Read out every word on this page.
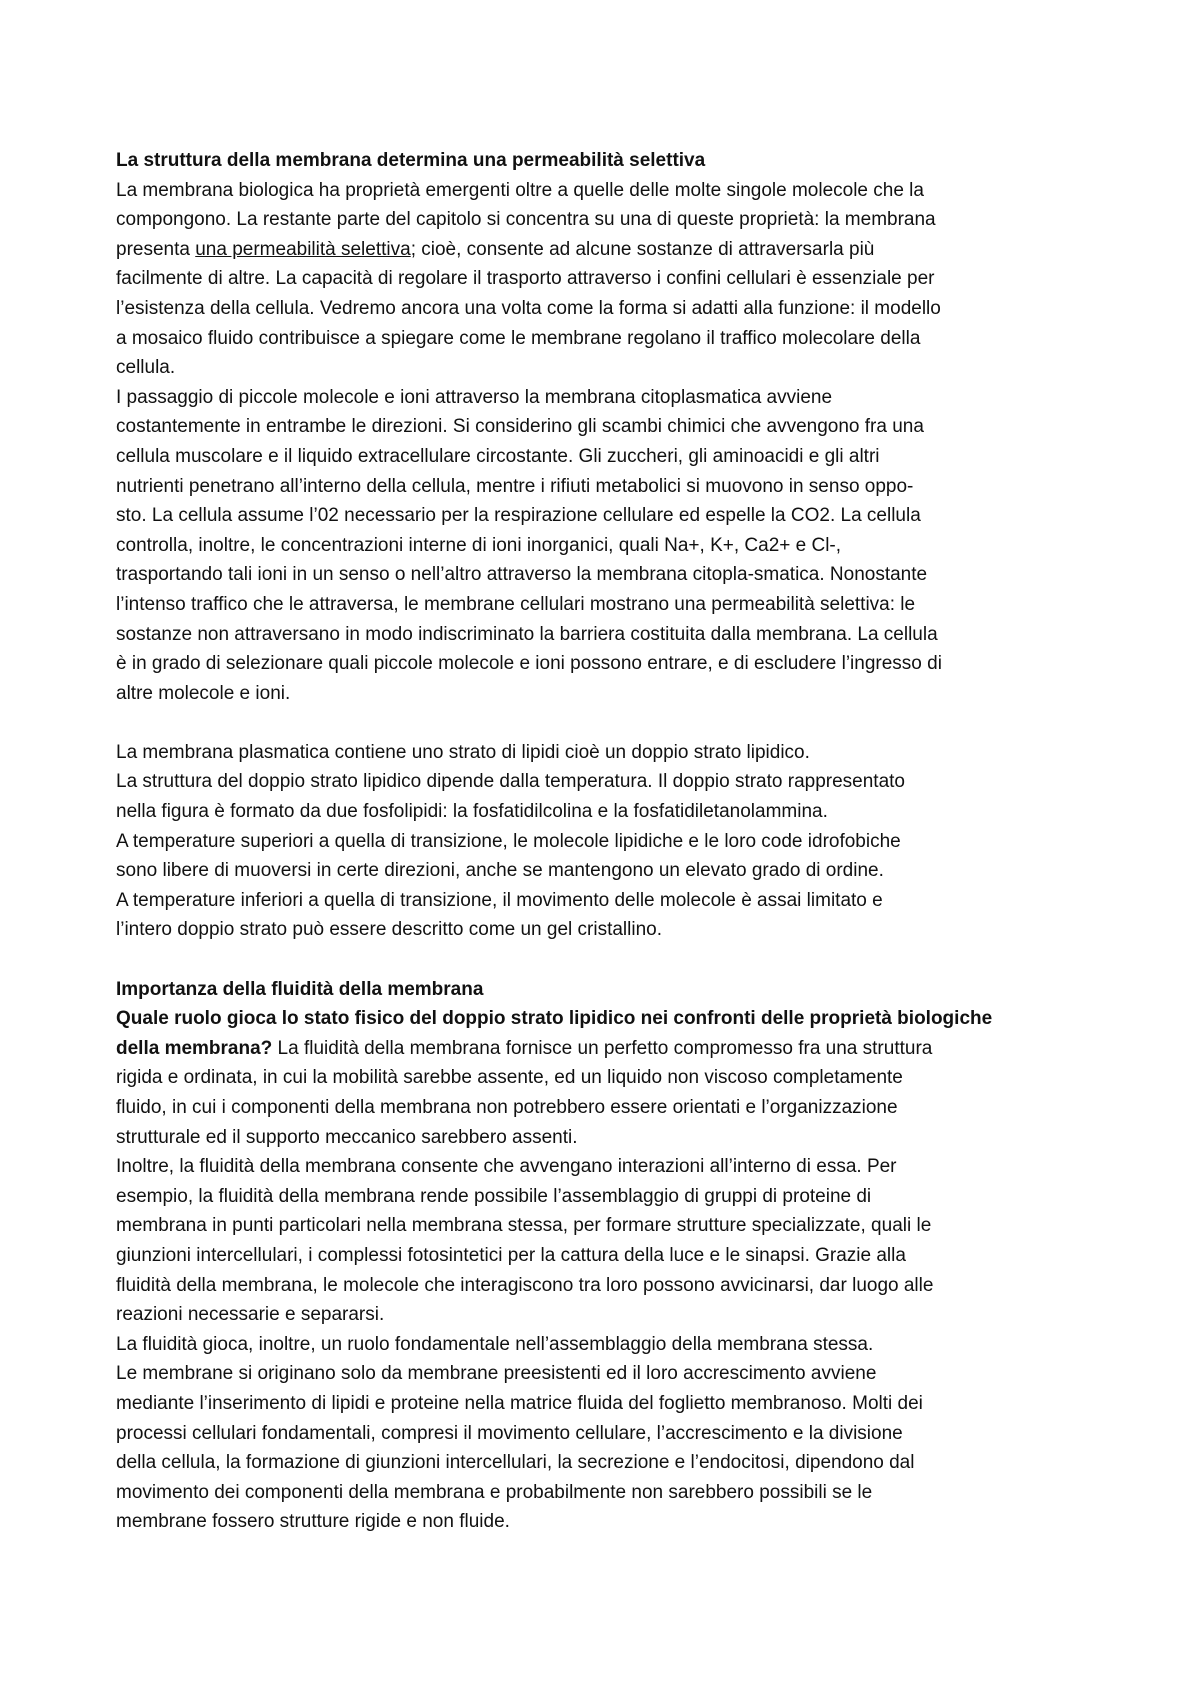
La struttura della membrana determina una permeabilità selettiva
La membrana biologica ha proprietà emergenti oltre a quelle delle molte singole molecole che la
compongono. La restante parte del capitolo si concentra su una di queste proprietà: la membrana
presenta una permeabilità selettiva; cioè, consente ad alcune sostanze di attraversarla più
facilmente di altre. La capacità di regolare il trasporto attraverso i confini cellulari è essenziale per
l’esistenza della cellula. Vedremo ancora una volta come la forma si adatti alla funzione: il modello
a mosaico fluido contribuisce a spiegare come le membrane regolano il traffico molecolare della
cellula.
I passaggio di piccole molecole e ioni attraverso la membrana citoplasmatica avviene
costantemente in entrambe le direzioni. Si considerino gli scambi chimici che avvengono fra una
cellula muscolare e il liquido extracellulare circostante. Gli zuccheri, gli aminoacidi e gli altri
nutrienti penetrano all’interno della cellula, mentre i rifiuti metabolici si muovono in senso oppo-
sto. La cellula assume l’02 necessario per la respirazione cellulare ed espelle la CO2. La cellula
controlla, inoltre, le concentrazioni interne di ioni inorganici, quali Na+, K+, Ca2+ e Cl-,
trasportando tali ioni in un senso o nell’altro attraverso la membrana citopla-smatica. Nonostante
l’intenso traffico che le attraversa, le membrane cellulari mostrano una permeabilità selettiva: le
sostanze non attraversano in modo indiscriminato la barriera costituita dalla membrana. La cellula
è in grado di selezionare quali piccole molecole e ioni possono entrare, e di escludere l’ingresso di
altre molecole e ioni.
La membrana plasmatica contiene uno strato di lipidi cioè un doppio strato lipidico.
La struttura del doppio strato lipidico dipende dalla temperatura. Il doppio strato rappresentato
nella figura è formato da due fosfolipidi: la fosfatidilcolina e la fosfatidiletanolammina.
A temperature superiori a quella di transizione, le molecole lipidiche e le loro code idrofobiche
sono libere di muoversi in certe direzioni, anche se mantengono un elevato grado di ordine.
A temperature inferiori a quella di transizione, il movimento delle molecole è assai limitato e
l’intero doppio strato può essere descritto come un gel cristallino.
Importanza della fluidità della membrana
Quale ruolo gioca lo stato fisico del doppio strato lipidico nei confronti delle proprietà biologiche
della membrana? La fluidità della membrana fornisce un perfetto compromesso fra una struttura
rigida e ordinata, in cui la mobilità sarebbe assente, ed un liquido non viscoso completamente
fluido, in cui i componenti della membrana non potrebbero essere orientati e l’organizzazione
strutturale ed il supporto meccanico sarebbero assenti.
Inoltre, la fluidità della membrana consente che avvengano interazioni all’interno di essa. Per
esempio, la fluidità della membrana rende possibile l’assemblaggio di gruppi di proteine di
membrana in punti particolari nella membrana stessa, per formare strutture specializzate, quali le
giunzioni intercellulari, i complessi fotosintetici per la cattura della luce e le sinapsi. Grazie alla
fluidità della membrana, le molecole che interagiscono tra loro possono avvicinarsi, dar luogo alle
reazioni necessarie e separarsi.
La fluidità gioca, inoltre, un ruolo fondamentale nell’assemblaggio della membrana stessa.
Le membrane si originano solo da membrane preesistenti ed il loro accrescimento avviene
mediante l’inserimento di lipidi e proteine nella matrice fluida del foglietto membranoso. Molti dei
processi cellulari fondamentali, compresi il movimento cellulare, l’accrescimento e la divisione
della cellula, la formazione di giunzioni intercellulari, la secrezione e l’endocitosi, dipendono dal
movimento dei componenti della membrana e probabilmente non sarebbero possibili se le
membrane fossero strutture rigide e non fluide.
